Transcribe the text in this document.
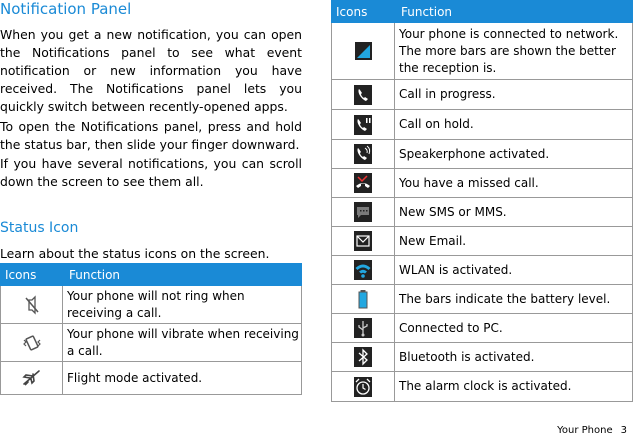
Notification Panel

When you get a new notification, you can open the Notifications panel to see what event notification or new information you have received. The Notifications panel lets you quickly switch between recently-opened apps.

To open the Notifications panel, press and hold the status bar, then slide your finger downward.

If you have several notifications, you can scroll down the screen to see them all.

Status Icon

Learn about the status icons on the screen.

Icons	Function
	Your phone will not ring when receiving a call.
	Your phone will vibrate when receiving a call.
	Flight mode activated.
Icons	Function
	Your phone is connected to network. The more bars are shown the better the reception is.
	Call in progress.
	Call on hold.
	Speakerphone activated.
	You have a missed call.
	New SMS or MMS.
	New Email.
	WLAN is activated.
	The bars indicate the battery level.
	Connected to PC.
	Bluetooth is activated.
	The alarm clock is activated.
Your Phone 3
